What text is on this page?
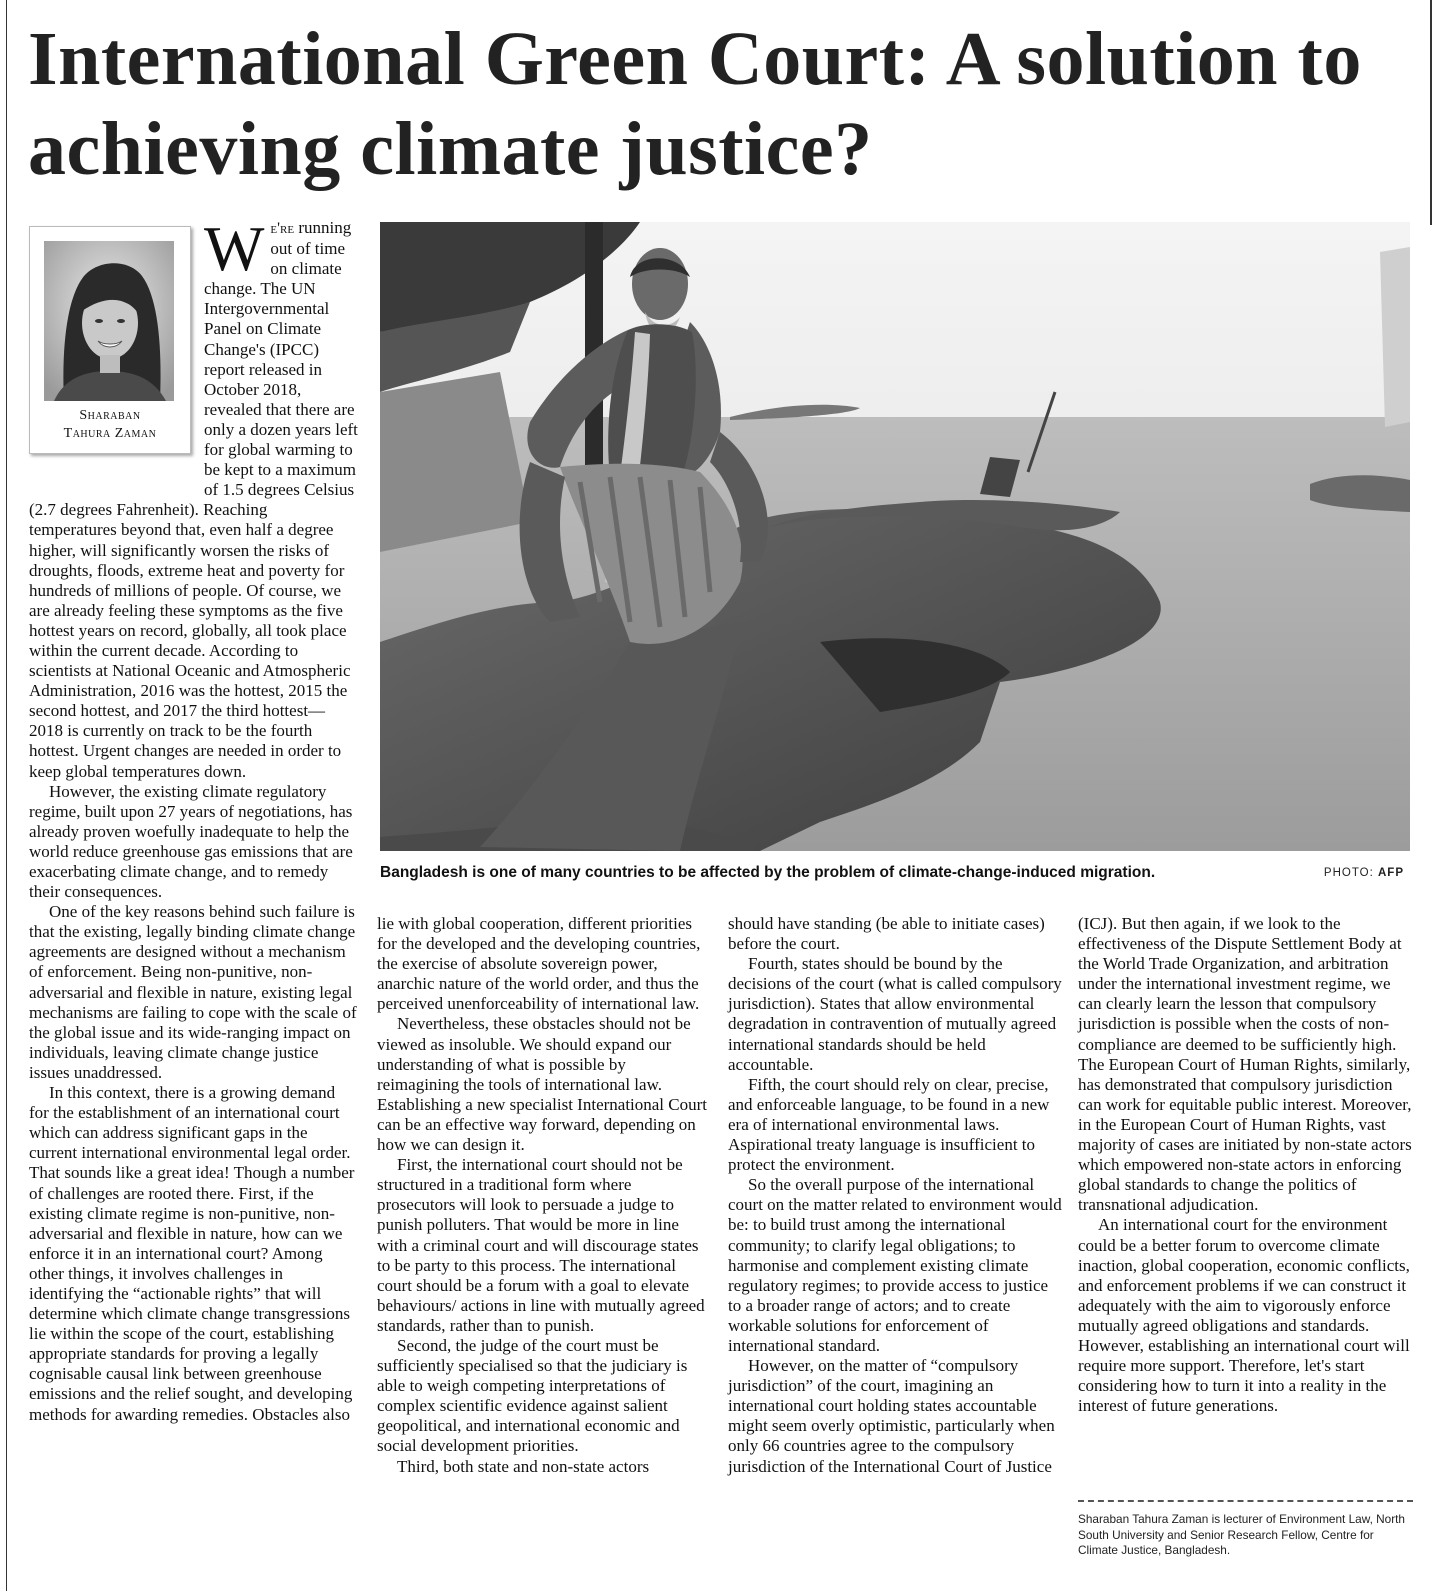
International Green Court: A solution to achieving climate justice?
Sharaban
Tahura Zaman

We're running out of time on climate change. The UN Intergovernmental Panel on Climate Change's (IPCC) report released in October 2018, revealed that there are only a dozen years left for global warming to be kept to a maximum of 1.5 degrees Celsius (2.7 degrees Fahrenheit). Reaching temperatures beyond that, even half a degree higher, will significantly worsen the risks of droughts, floods, extreme heat and poverty for hundreds of millions of people. Of course, we are already feeling these symptoms as the five hottest years on record, globally, all took place within the current decade. According to scientists at National Oceanic and Atmospheric Administration, 2016 was the hottest, 2015 the second hottest, and 2017 the third hottest—2018 is currently on track to be the fourth hottest. Urgent changes are needed in order to keep global temperatures down.

However, the existing climate regulatory regime, built upon 27 years of negotiations, has already proven woefully inadequate to help the world reduce greenhouse gas emissions that are exacerbating climate change, and to remedy their consequences.

One of the key reasons behind such failure is that the existing, legally binding climate change agreements are designed without a mechanism of enforcement. Being non-punitive, non-adversarial and flexible in nature, existing legal mechanisms are failing to cope with the scale of the global issue and its wide-ranging impact on individuals, leaving climate change justice issues unaddressed.

In this context, there is a growing demand for the establishment of an international court which can address significant gaps in the current international environmental legal order. That sounds like a great idea! Though a number of challenges are rooted there. First, if the existing climate regime is non-punitive, non-adversarial and flexible in nature, how can we enforce it in an international court? Among other things, it involves challenges in identifying the “actionable rights” that will determine which climate change transgressions lie within the scope of the court, establishing appropriate standards for proving a legally cognisable causal link between greenhouse emissions and the relief sought, and developing methods for awarding remedies. Obstacles also

Bangladesh is one of many countries to be affected by the problem of climate-change-induced migration.	PHOTO: AFP

lie with global cooperation, different priorities for the developed and the developing countries, the exercise of absolute sovereign power, anarchic nature of the world order, and thus the perceived unenforceability of international law.

Nevertheless, these obstacles should not be viewed as insoluble. We should expand our understanding of what is possible by reimagining the tools of international law. Establishing a new specialist International Court can be an effective way forward, depending on how we can design it.

First, the international court should not be structured in a traditional form where prosecutors will look to persuade a judge to punish polluters. That would be more in line with a criminal court and will discourage states to be party to this process. The international court should be a forum with a goal to elevate behaviours/ actions in line with mutually agreed standards, rather than to punish.

Second, the judge of the court must be sufficiently specialised so that the judiciary is able to weigh competing interpretations of complex scientific evidence against salient geopolitical, and international economic and social development priorities.

Third, both state and non-state actors

should have standing (be able to initiate cases) before the court.

Fourth, states should be bound by the decisions of the court (what is called compulsory jurisdiction). States that allow environmental degradation in contravention of mutually agreed international standards should be held accountable.

Fifth, the court should rely on clear, precise, and enforceable language, to be found in a new era of international environmental laws. Aspirational treaty language is insufficient to protect the environment.

So the overall purpose of the international court on the matter related to environment would be: to build trust among the international community; to clarify legal obligations; to harmonise and complement existing climate regulatory regimes; to provide access to justice to a broader range of actors; and to create workable solutions for enforcement of international standard.

However, on the matter of “compulsory jurisdiction” of the court, imagining an international court holding states accountable might seem overly optimistic, particularly when only 66 countries agree to the compulsory jurisdiction of the International Court of Justice

(ICJ). But then again, if we look to the effectiveness of the Dispute Settlement Body at the World Trade Organization, and arbitration under the international investment regime, we can clearly learn the lesson that compulsory jurisdiction is possible when the costs of non-compliance are deemed to be sufficiently high. The European Court of Human Rights, similarly, has demonstrated that compulsory jurisdiction can work for equitable public interest. Moreover, in the European Court of Human Rights, vast majority of cases are initiated by non-state actors which empowered non-state actors in enforcing global standards to change the politics of transnational adjudication.

An international court for the environment could be a better forum to overcome climate inaction, global cooperation, economic conflicts, and enforcement problems if we can construct it adequately with the aim to vigorously enforce mutually agreed obligations and standards. However, establishing an international court will require more support. Therefore, let's start considering how to turn it into a reality in the interest of future generations.

Sharaban Tahura Zaman is lecturer of Environment Law, North South University and Senior Research Fellow, Centre for Climate Justice, Bangladesh.
